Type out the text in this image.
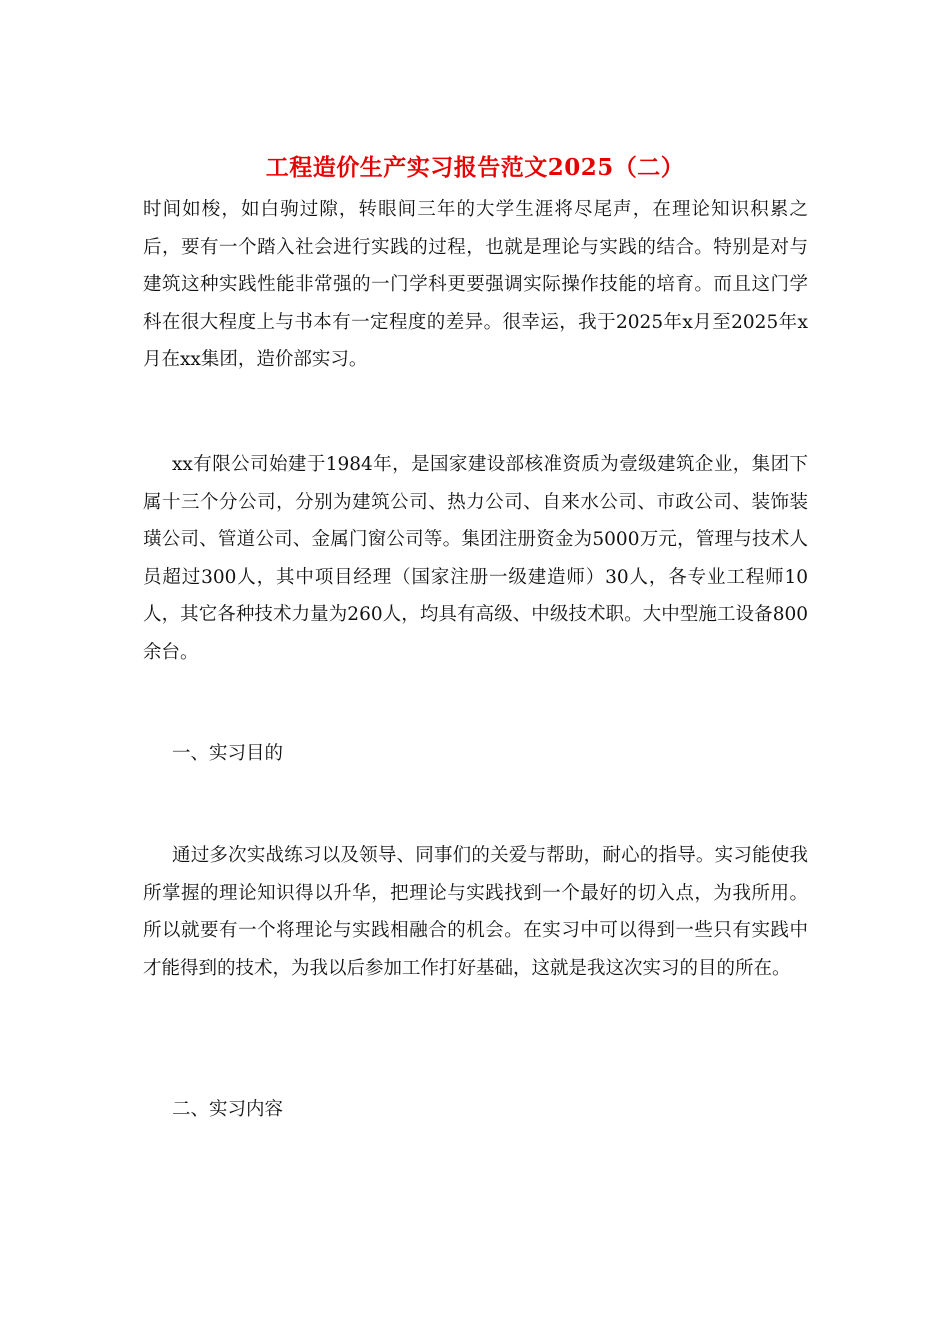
工程造价生产实习报告范文2025（二）

时间如梭，如白驹过隙，转眼间三年的大学生涯将尽尾声，在理论知识积累之后，要有一个踏入社会进行实践的过程，也就是理论与实践的结合。特别是对与建筑这种实践性能非常强的一门学科更要强调实际操作技能的培育。而且这门学科在很大程度上与书本有一定程度的差异。很幸运，我于2025年x月至2025年x月在xx集团，造价部实习。

xx有限公司始建于1984年，是国家建设部核准资质为壹级建筑企业，集团下属十三个分公司，分别为建筑公司、热力公司、自来水公司、市政公司、装饰装璜公司、管道公司、金属门窗公司等。集团注册资金为5000万元，管理与技术人员超过300人，其中项目经理（国家注册一级建造师）30人，各专业工程师10人，其它各种技术力量为260人，均具有高级、中级技术职。大中型施工设备800余台。

一、实习目的

通过多次实战练习以及领导、同事们的关爱与帮助，耐心的指导。实习能使我所掌握的理论知识得以升华，把理论与实践找到一个最好的切入点，为我所用。所以就要有一个将理论与实践相融合的机会。在实习中可以得到一些只有实践中才能得到的技术，为我以后参加工作打好基础，这就是我这次实习的目的所在。

二、实习内容
